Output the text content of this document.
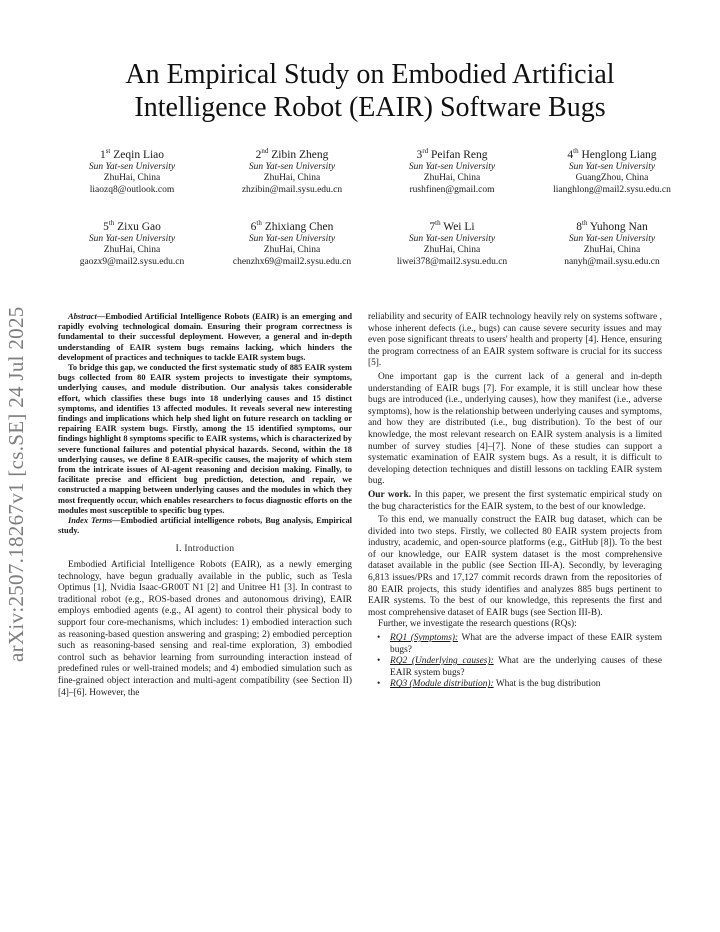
arXiv:2507.18267v1 [cs.SE] 24 Jul 2025
An Empirical Study on Embodied Artificial
Intelligence Robot (EAIR) Software Bugs
1st Zeqin Liao
Sun Yat-sen University
ZhuHai, China
liaozq8@outlook.com
2nd Zibin Zheng
Sun Yat-sen University
ZhuHai, China
zhzibin@mail.sysu.edu.cn
3rd Peifan Reng
Sun Yat-sen University
ZhuHai, China
rushfinen@gmail.com
4th Henglong Liang
Sun Yat-sen University
GuangZhou, China
lianghlong@mail2.sysu.edu.cn
5th Zixu Gao
Sun Yat-sen University
ZhuHai, China
gaozx9@mail2.sysu.edu.cn
6th Zhixiang Chen
Sun Yat-sen University
ZhuHai, China
chenzhx69@mail2.sysu.edu.cn
7th Wei Li
Sun Yat-sen University
ZhuHai, China
liwei378@mail2.sysu.edu.cn
8th Yuhong Nan
Sun Yat-sen University
ZhuHai, China
nanyh@mail.sysu.edu.cn

Abstract—Embodied Artificial Intelligence Robots (EAIR) is an emerging and rapidly evolving technological domain. Ensuring their program correctness is fundamental to their successful deployment. However, a general and in-depth understanding of EAIR system bugs remains lacking, which hinders the development of practices and techniques to tackle EAIR system bugs.

To bridge this gap, we conducted the first systematic study of 885 EAIR system bugs collected from 80 EAIR system projects to investigate their symptoms, underlying causes, and module distribution. Our analysis takes considerable effort, which classifies these bugs into 18 underlying causes and 15 distinct symptoms, and identifies 13 affected modules. It reveals several new interesting findings and implications which help shed light on future research on tackling or repairing EAIR system bugs. Firstly, among the 15 identified symptoms, our findings highlight 8 symptoms specific to EAIR systems, which is characterized by severe functional failures and potential physical hazards. Second, within the 18 underlying causes, we define 8 EAIR-specific causes, the majority of which stem from the intricate issues of AI-agent reasoning and decision making. Finally, to facilitate precise and efficient bug prediction, detection, and repair, we constructed a mapping between underlying causes and the modules in which they most frequently occur, which enables researchers to focus diagnostic efforts on the modules most susceptible to specific bug types.

Index Terms—Embodied artificial intelligence robots, Bug analysis, Empirical study.

I. Introduction

Embodied Artificial Intelligence Robots (EAIR), as a newly emerging technology, have begun gradually available in the public, such as Tesla Optimus [1], Nvidia Isaac-GR00T N1 [2] and Unitree H1 [3]. In contrast to traditional robot (e.g., ROS-based drones and autonomous driving), EAIR employs embodied agents (e.g., AI agent) to control their physical body to support four core-mechanisms, which includes: 1) embodied interaction such as reasoning-based question answering and grasping; 2) embodied perception such as reasoning-based sensing and real-time exploration, 3) embodied control such as behavior learning from surrounding interaction instead of predefined rules or well-trained models; and 4) embodied simulation such as fine-grained object interaction and multi-agent compatibility (see Section II) [4]–[6]. However, the

reliability and security of EAIR technology heavily rely on systems software , whose inherent defects (i.e., bugs) can cause severe security issues and may even pose significant threats to users' health and property [4]. Hence, ensuring the program correctness of an EAIR system software is crucial for its success [5].

One important gap is the current lack of a general and in-depth understanding of EAIR bugs [7]. For example, it is still unclear how these bugs are introduced (i.e., underlying causes), how they manifest (i.e., adverse symptoms), how is the relationship between underlying causes and symptoms, and how they are distributed (i.e., bug distribution). To the best of our knowledge, the most relevant research on EAIR system analysis is a limited number of survey studies [4]–[7]. None of these studies can support a systematic examination of EAIR system bugs. As a result, it is difficult to developing detection techniques and distill lessons on tackling EAIR system bug.

Our work. In this paper, we present the first systematic empirical study on the bug characteristics for the EAIR system, to the best of our knowledge.

To this end, we manually construct the EAIR bug dataset, which can be divided into two steps. Firstly, we collected 80 EAIR system projects from industry, academic, and open-source platforms (e.g., GitHub [8]). To the best of our knowledge, our EAIR system dataset is the most comprehensive dataset available in the public (see Section III-A). Secondly, by leveraging 6,813 issues/PRs and 17,127 commit records drawn from the repositories of 80 EAIR projects, this study identifies and analyzes 885 bugs pertinent to EAIR systems. To the best of our knowledge, this represents the first and most comprehensive dataset of EAIR bugs (see Section III-B).

Further, we investigate the research questions (RQs):

• RQ1 (Symptoms): What are the adverse impact of these EAIR system bugs?
• RQ2 (Underlying causes): What are the underlying causes of these EAIR system bugs?
• RQ3 (Module distribution): What is the bug distribution
